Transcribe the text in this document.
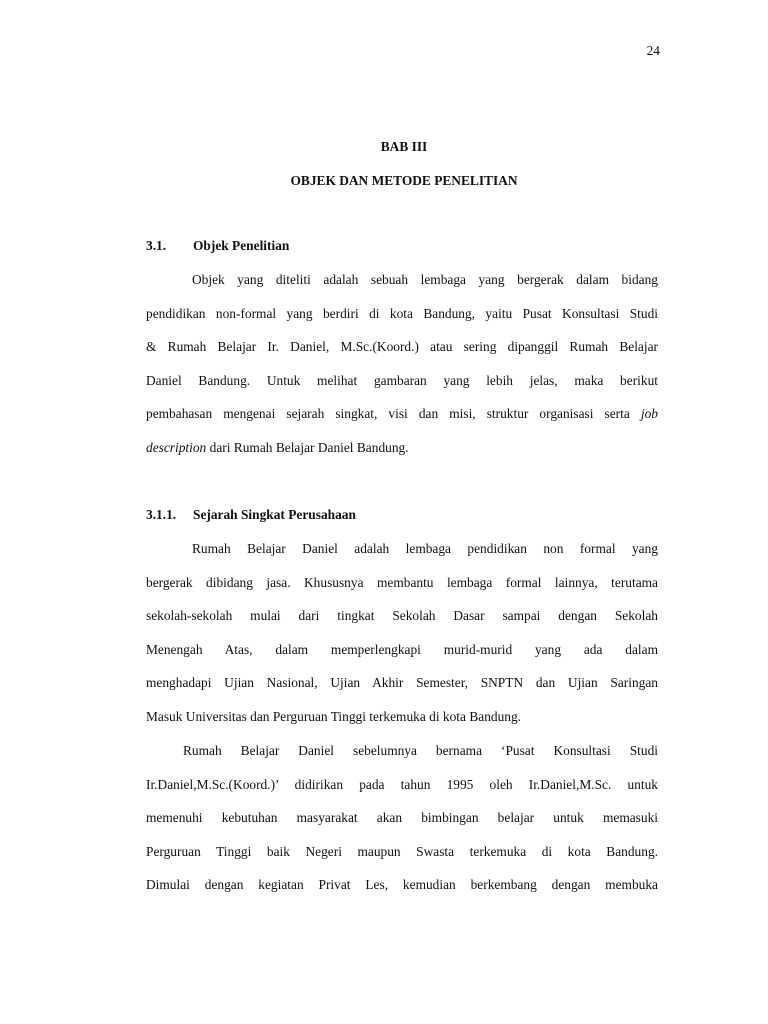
24
BAB III
OBJEK DAN METODE PENELITIAN
3.1. Objek Penelitian
Objek yang diteliti adalah sebuah lembaga yang bergerak dalam bidang
pendidikan non-formal yang berdiri di kota Bandung, yaitu Pusat Konsultasi Studi
& Rumah Belajar Ir. Daniel, M.Sc.(Koord.) atau sering dipanggil Rumah Belajar
Daniel Bandung. Untuk melihat gambaran yang lebih jelas, maka berikut
pembahasan mengenai sejarah singkat, visi dan misi, struktur organisasi serta job
description dari Rumah Belajar Daniel Bandung.
3.1.1. Sejarah Singkat Perusahaan
Rumah Belajar Daniel adalah lembaga pendidikan non formal yang
bergerak dibidang jasa. Khususnya membantu lembaga formal lainnya, terutama
sekolah-sekolah mulai dari tingkat Sekolah Dasar sampai dengan Sekolah
Menengah Atas, dalam memperlengkapi murid-murid yang ada dalam
menghadapi Ujian Nasional, Ujian Akhir Semester, SNPTN dan Ujian Saringan
Masuk Universitas dan Perguruan Tinggi terkemuka di kota Bandung.
Rumah Belajar Daniel sebelumnya bernama ‘Pusat Konsultasi Studi
Ir.Daniel,M.Sc.(Koord.)’ didirikan pada tahun 1995 oleh Ir.Daniel,M.Sc. untuk
memenuhi kebutuhan masyarakat akan bimbingan belajar untuk memasuki
Perguruan Tinggi baik Negeri maupun Swasta terkemuka di kota Bandung.
Dimulai dengan kegiatan Privat Les, kemudian berkembang dengan membuka
